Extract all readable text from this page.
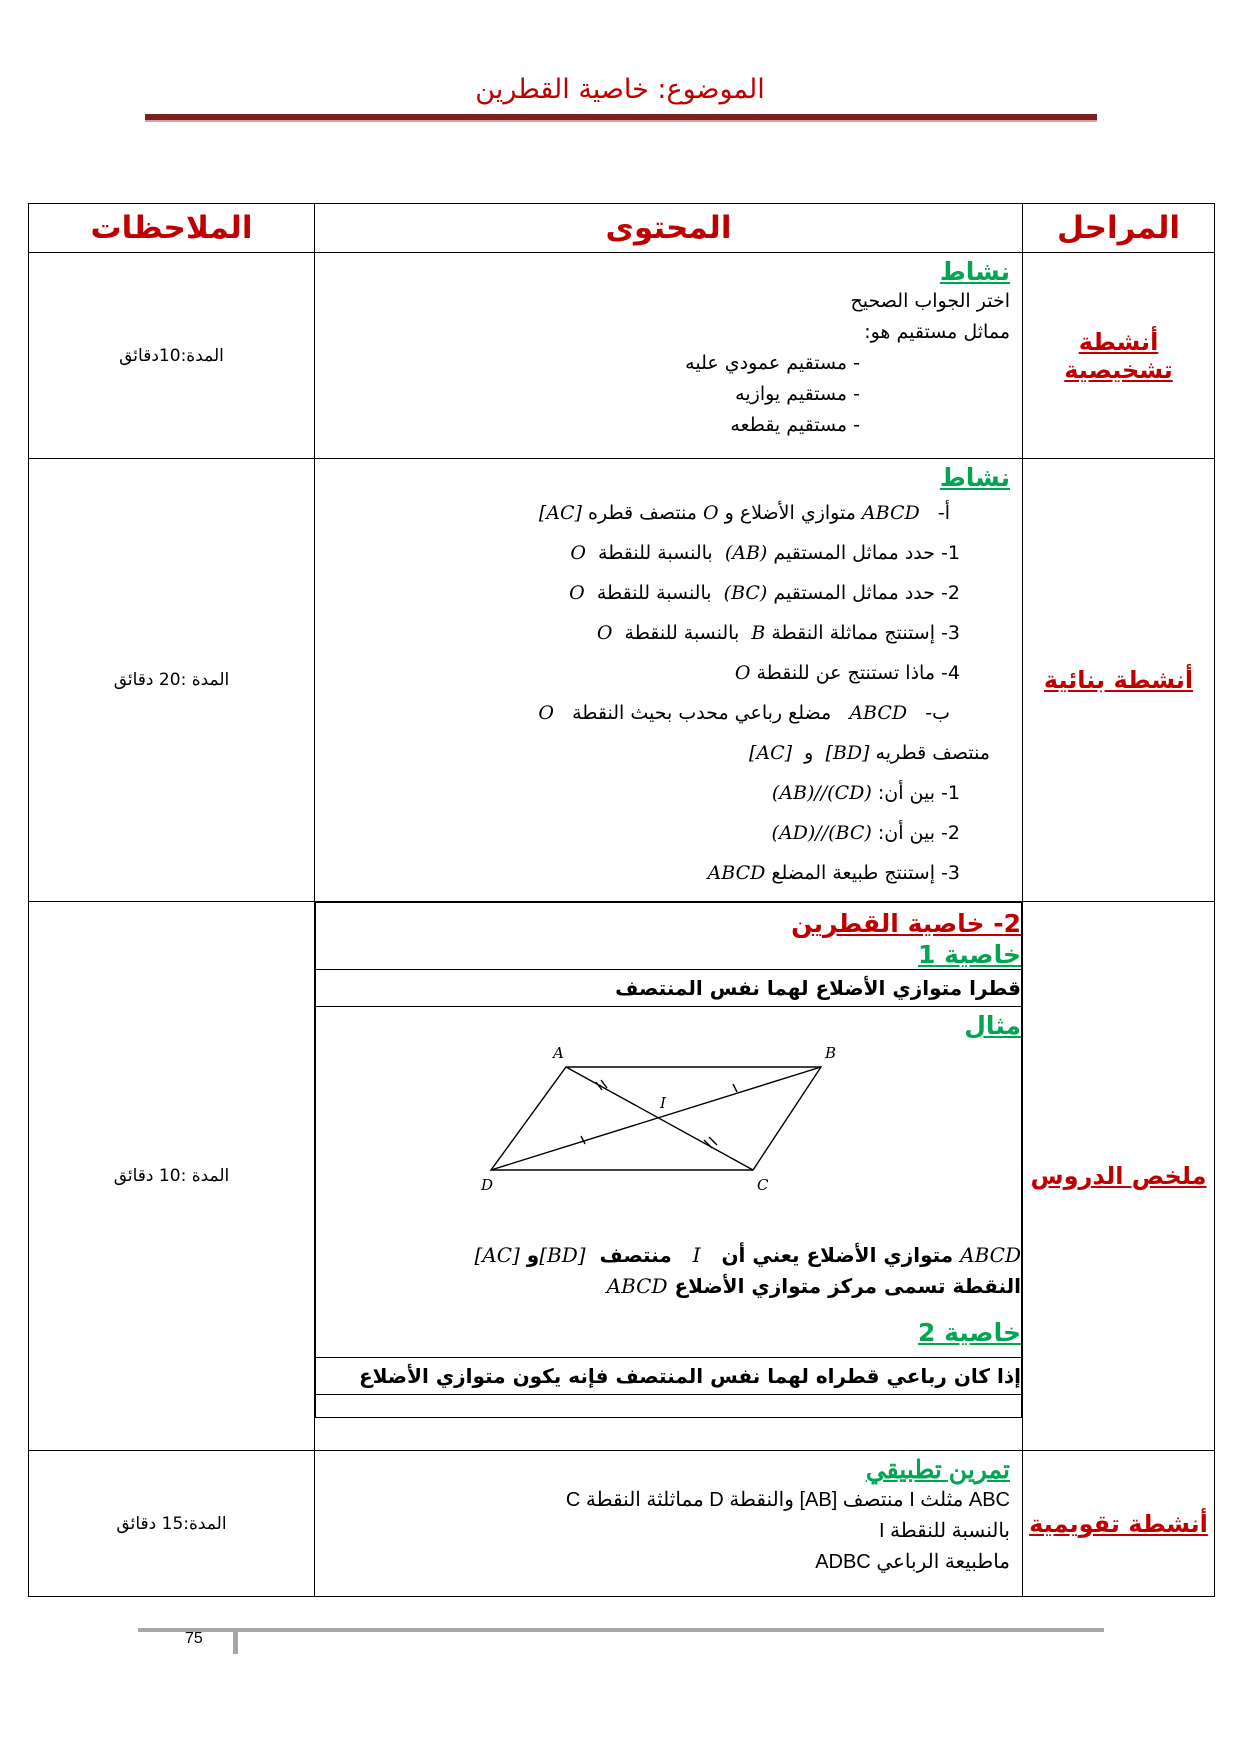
الموضوع: خاصية القطرين
المراحل	المحتوى	الملاحظات
أنشطة تشخيصية	
نشاط
اختر الجواب الصحيح
مماثل مستقيم هو:
- مستقيم عمودي عليه
- مستقيم يوازيه
- مستقيم يقطعه
	المدة:10دقائق
أنشطة بنائية	
نشاط
أ-   ABCD متوازي الأضلاع و O منتصف قطره [AC]
1- حدد مماثل المستقيم (AB)  بالنسبة للنقطة  O
2- حدد مماثل المستقيم (BC)  بالنسبة للنقطة  O
3- إستنتج مماثلة النقطة B  بالنسبة للنقطة  O
4- ماذا تستنتج عن للنقطة O
ب-   ABCD   مضلع رباعي محدب بحيث النقطة   O
منتصف قطريه [BD]  و  [AC]
1- بين أن: (AB)//(CD)
2- بين أن: (AD)//(BC)
3- إستنتج طبيعة المضلع ABCD
	المدة :20 دقائق
ملخص الدروس	
2- خاصية القطرين
خاصية 1

قطرا متوازي الأضلاع لهما نفس المنتصف

مثال
A	B
C
D
I
ABCD متوازي الأضلاع يعني أن   I   منتصف  [BD]و [AC]
النقطة تسمى مركز متوازي الأضلاع ABCD
خاصية 2

إذا كان رباعي قطراه لهما نفس المنتصف فإنه يكون متوازي الأضلاع

	المدة :10 دقائق
أنشطة تقويمية	
تمرين تطبيقي
ABC مثلث I منتصف [AB] والنقطة D مماثلثة النقطة C
بالنسبة للنقطة I
ماطبيعة الرباعي ADBC
	المدة:15 دقائق
75
